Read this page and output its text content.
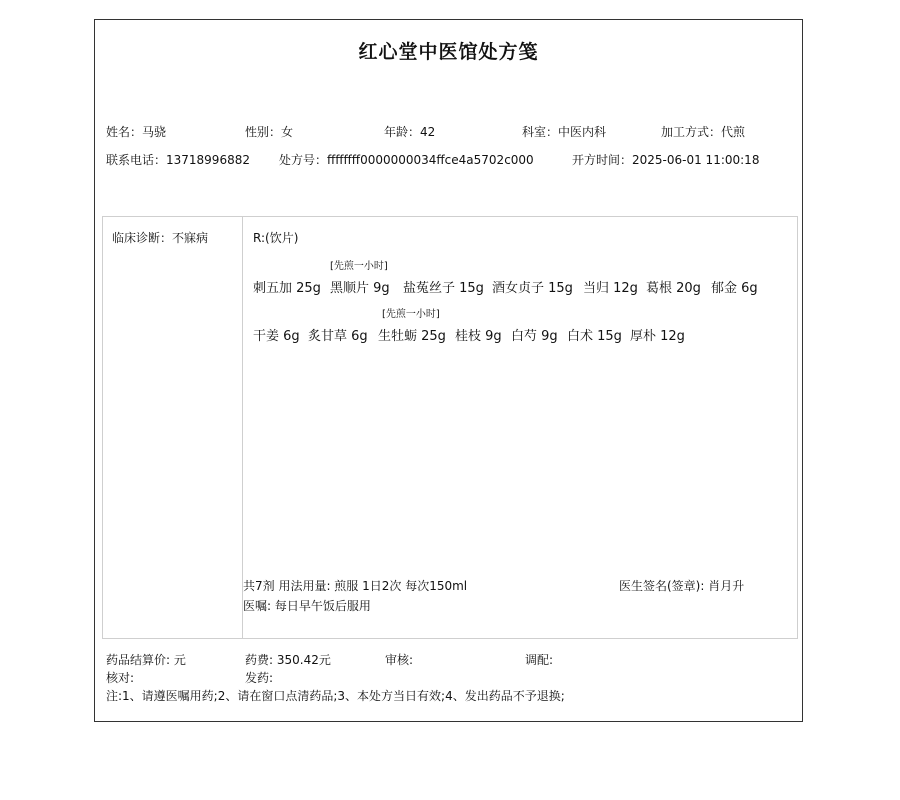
红心堂中医馆处方笺
姓名：马骁	性别：女	年龄：42	科室：中医内科	加工方式：代煎
联系电话：13718996882 处方号：ffffffff0000000034ffce4a5702c000	开方时间：2025-06-01 11:00:18
临床诊断：不寐病	R:(饮片)
刺五加 25g
[先煎一小时]
黑顺片 9g 盐菟丝子 15g 酒女贞子 15g 当归 12g 葛根 20g 郁金 6g
干姜 6g 炙甘草 6g
[先煎一小时]
生牡蛎 25g 桂枝 9g 白芍 9g 白术 15g 厚朴 12g
共7剂 用法用量: 煎服 1日2次 每次150ml
医嘱: 每日早午饭后服用
医生签名(签章): 肖月升
药品结算价: 元	药费: 350.42元	审核:	调配:
核对:	发药:
注:1、请遵医嘱用药;2、请在窗口点清药品;3、本处方当日有效;4、发出药品不予退换;
